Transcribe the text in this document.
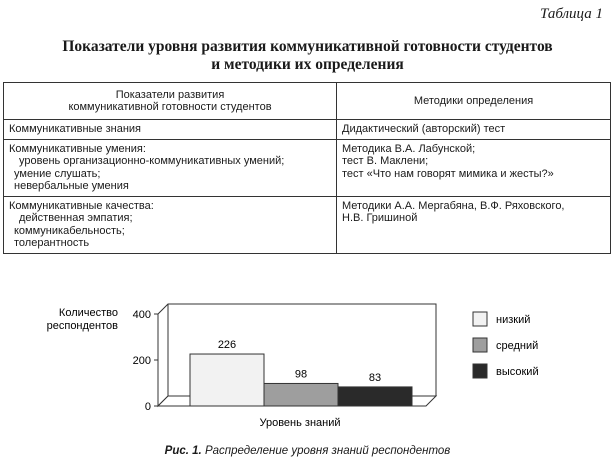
Таблица 1
Показатели уровня развития коммуникативной готовности студентов
и методики их определения
Показатели развития
коммуникативной готовности студентов	Методики определения
Коммуникативные знания	Дидактический (авторский) тест
Коммуникативные умения:
уровень организационно-коммуникативных умений;
умение слушать;
невербальные умения	Методика В.А. Лабунской;
тест В. Маклени;
тест «Что нам говорят мимика и жесты?»
Коммуникативные качества:
действенная эмпатия;
коммуникабельность;
толерантность	Методики А.А. Мергабяна, В.Ф. Ряховского,
Н.В. Гришиной
Количество
респондентов
0
200
400
226
98	83
Уровень знаний
низкий
средний
высокий
Рис. 1. Распределение уровня знаний респондентов
